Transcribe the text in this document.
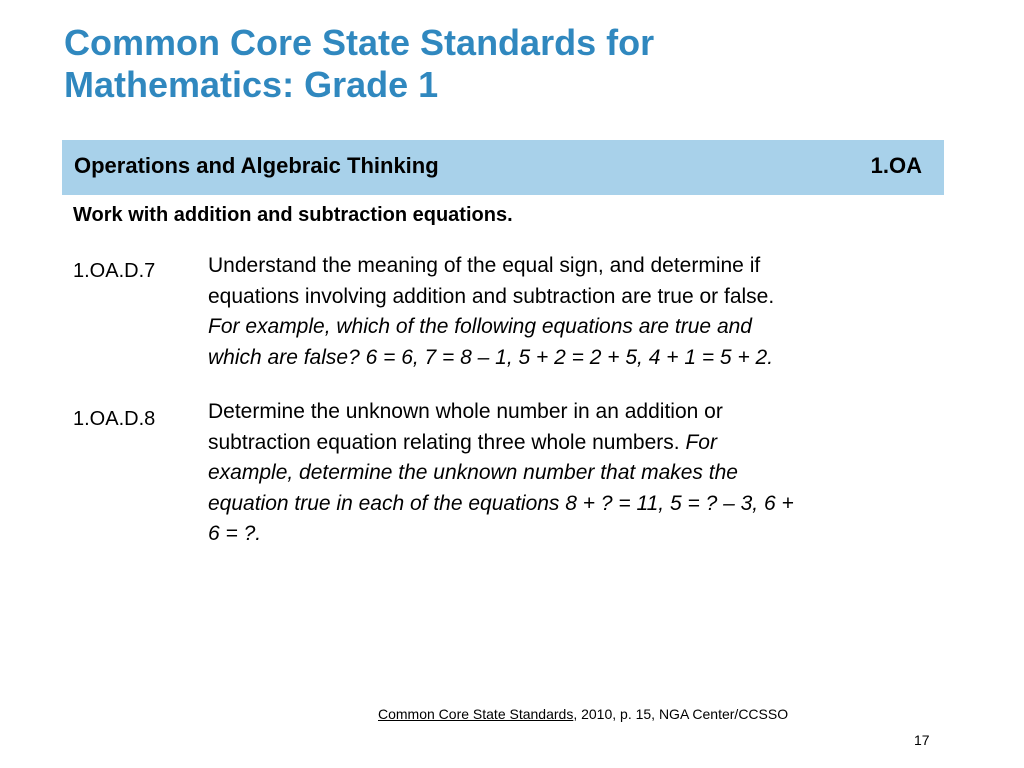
Common Core State Standards for
Mathematics: Grade 1
Operations and Algebraic Thinking	1.OA
Work with addition and subtraction equations.
1.OA.D.7	Understand the meaning of the equal sign, and determine if
equations involving addition and subtraction are true or false.
For example, which of the following equations are true and
which are false? 6 = 6, 7 = 8 – 1, 5 + 2 = 2 + 5, 4 + 1 = 5 + 2.
1.OA.D.8	Determine the unknown whole number in an addition or
subtraction equation relating three whole numbers. For
example, determine the unknown number that makes the
equation true in each of the equations 8 + ? = 11, 5 = ? – 3, 6 +
6 = ?.
Common Core State Standards, 2010, p. 15, NGA Center/CCSSO
17
